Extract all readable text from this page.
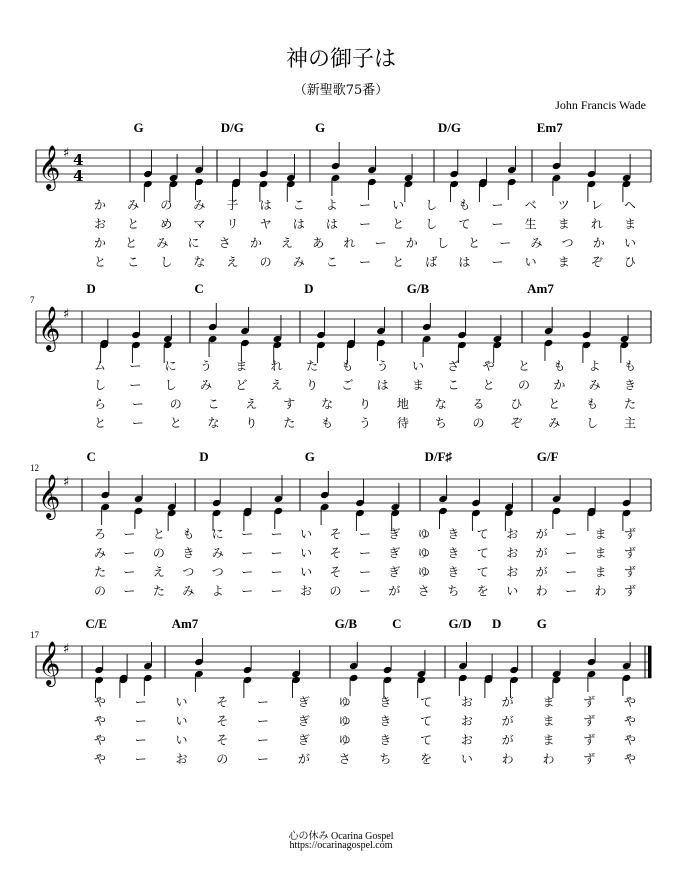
神の御子は
（新聖歌75番）
John Francis Wade
𝄞 ♯ 4
4
G	D/G	G	D/G	Em7
か み の み 子 は こ よ ー い し も ー ベ ツ レ ヘ
お と め マ リ ヤ は は ー と し て ー 生 ま れ ま
か と み に さ か え あ れ ー か し と ー み つ か い
と こ し な え の み こ ー と ば は ー い ま ぞ ひ
𝄞 ♯
7
D	C	D	G/B	Am7
ム ー に う ま れ た も う い ざ や と も よ も
し ー し み ど え り ご は ま こ と の か み き
ら ー の こ え す な り 地 な る ひ と も た
と ー と な り た も う 待 ち の ぞ み し 主
𝄞 ♯
12
C	D	G	D/F♯	G/F
ろ ー と も に ー ー い そ ー ぎ ゆ き て お が ー ま ず
み ー の き み ー ー い そ ー ぎ ゆ き て お が ー ま ず
た ー え つ つ ー ー い そ ー ぎ ゆ き て お が ー ま ず
の ー た み よ ー ー お の ー が さ ち を い わ ー わ ず
𝄞 ♯
17
C/E	Am7	G/B	C	G/D D	G
や ー い そ ー ぎ ゆ き て お が ま ず や
や ー い そ ー ぎ ゆ き て お が ま ず や
や ー い そ ー ぎ ゆ き て お が ま ず や
や ー お の ー が さ ち を い わ わ ず や
心の休み Ocarina Gospel
https://ocarinagospel.com
